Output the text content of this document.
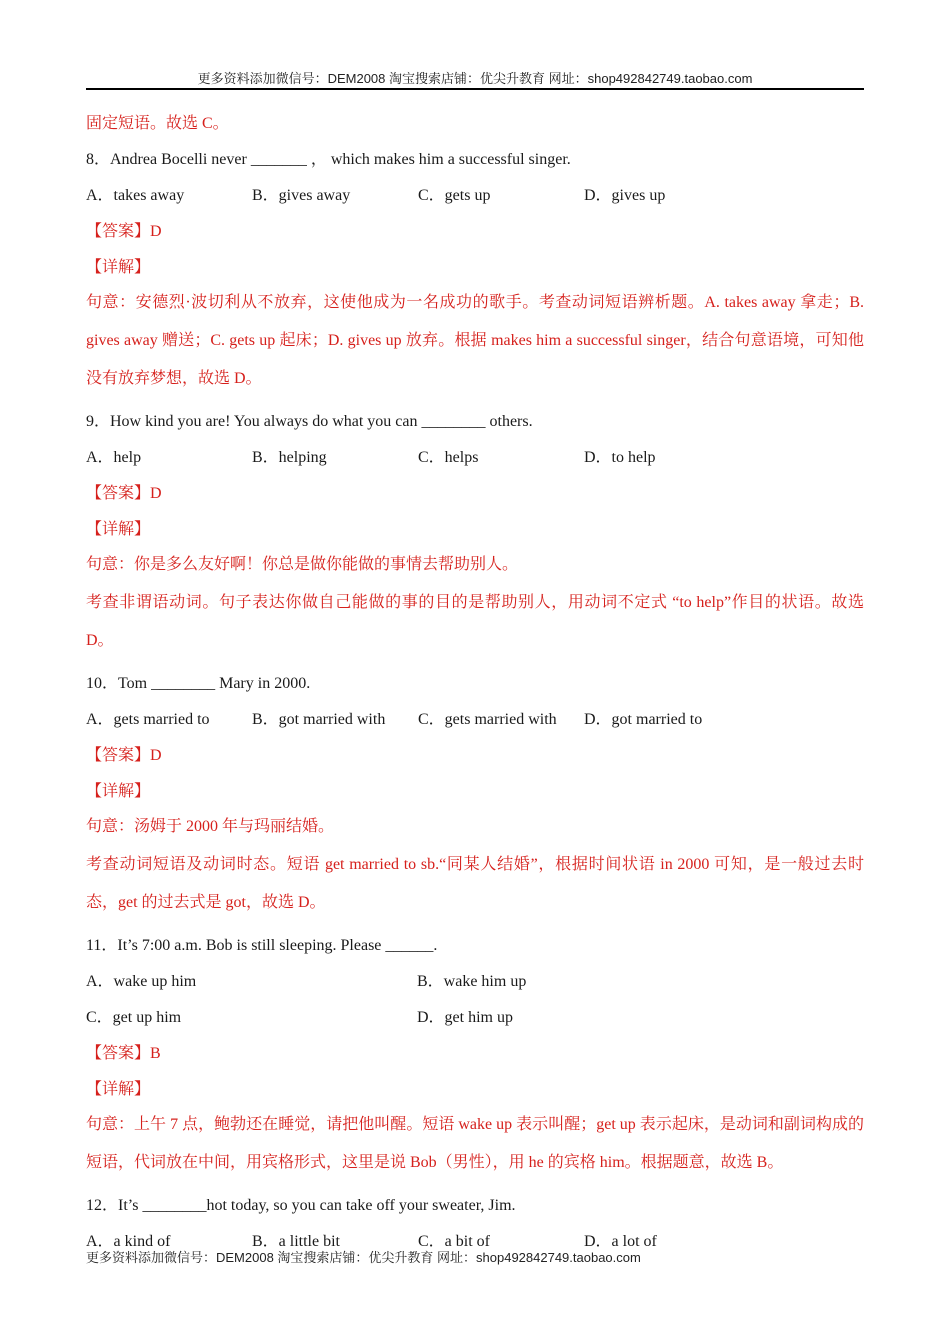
更多资料添加微信号：DEM2008 淘宝搜索店铺：优尖升教育 网址：shop492842749.taobao.com
固定短语。故选 C。
8．Andrea Bocelli never _______ ， which makes him a successful singer.
A．takes away	B．gives away	C．gets up	D．gives up
【答案】D
【详解】
句意：安德烈·波切利从不放弃，这使他成为一名成功的歌手。考查动词短语辨析题。A. takes away 拿走；B. gives away 赠送；C. gets up 起床；D. gives up 放弃。根据 makes him a successful singer，结合句意语境，可知他没有放弃梦想，故选 D。
9．How kind you are! You always do what you can ________ others.
A．help	B．helping	C．helps	D．to help
【答案】D
【详解】
句意：你是多么友好啊！你总是做你能做的事情去帮助别人。
考查非谓语动词。句子表达你做自己能做的事的目的是帮助别人，用动词不定式 “to help”作目的状语。故选 D。
10．Tom ________ Mary in 2000.
A．gets married to	B．got married with	C．gets married with	D．got married to
【答案】D
【详解】
句意：汤姆于 2000 年与玛丽结婚。
考查动词短语及动词时态。短语 get married to sb.“同某人结婚”，根据时间状语 in 2000 可知，是一般过去时态，get 的过去式是 got，故选 D。
11．It’s 7:00 a.m. Bob is still sleeping. Please ______.
A．wake up him	B．wake him up
C．get up him	D．get him up
【答案】B
【详解】
句意：上午 7 点，鲍勃还在睡觉，请把他叫醒。短语 wake up 表示叫醒；get up 表示起床，是动词和副词构成的短语，代词放在中间，用宾格形式，这里是说 Bob（男性），用 he 的宾格 him。根据题意，故选 B。
12．It’s ________hot today, so you can take off your sweater, Jim.
A．a kind of	B．a little bit	C．a bit of	D．a lot of
更多资料添加微信号：DEM2008 淘宝搜索店铺：优尖升教育 网址：shop492842749.taobao.com
